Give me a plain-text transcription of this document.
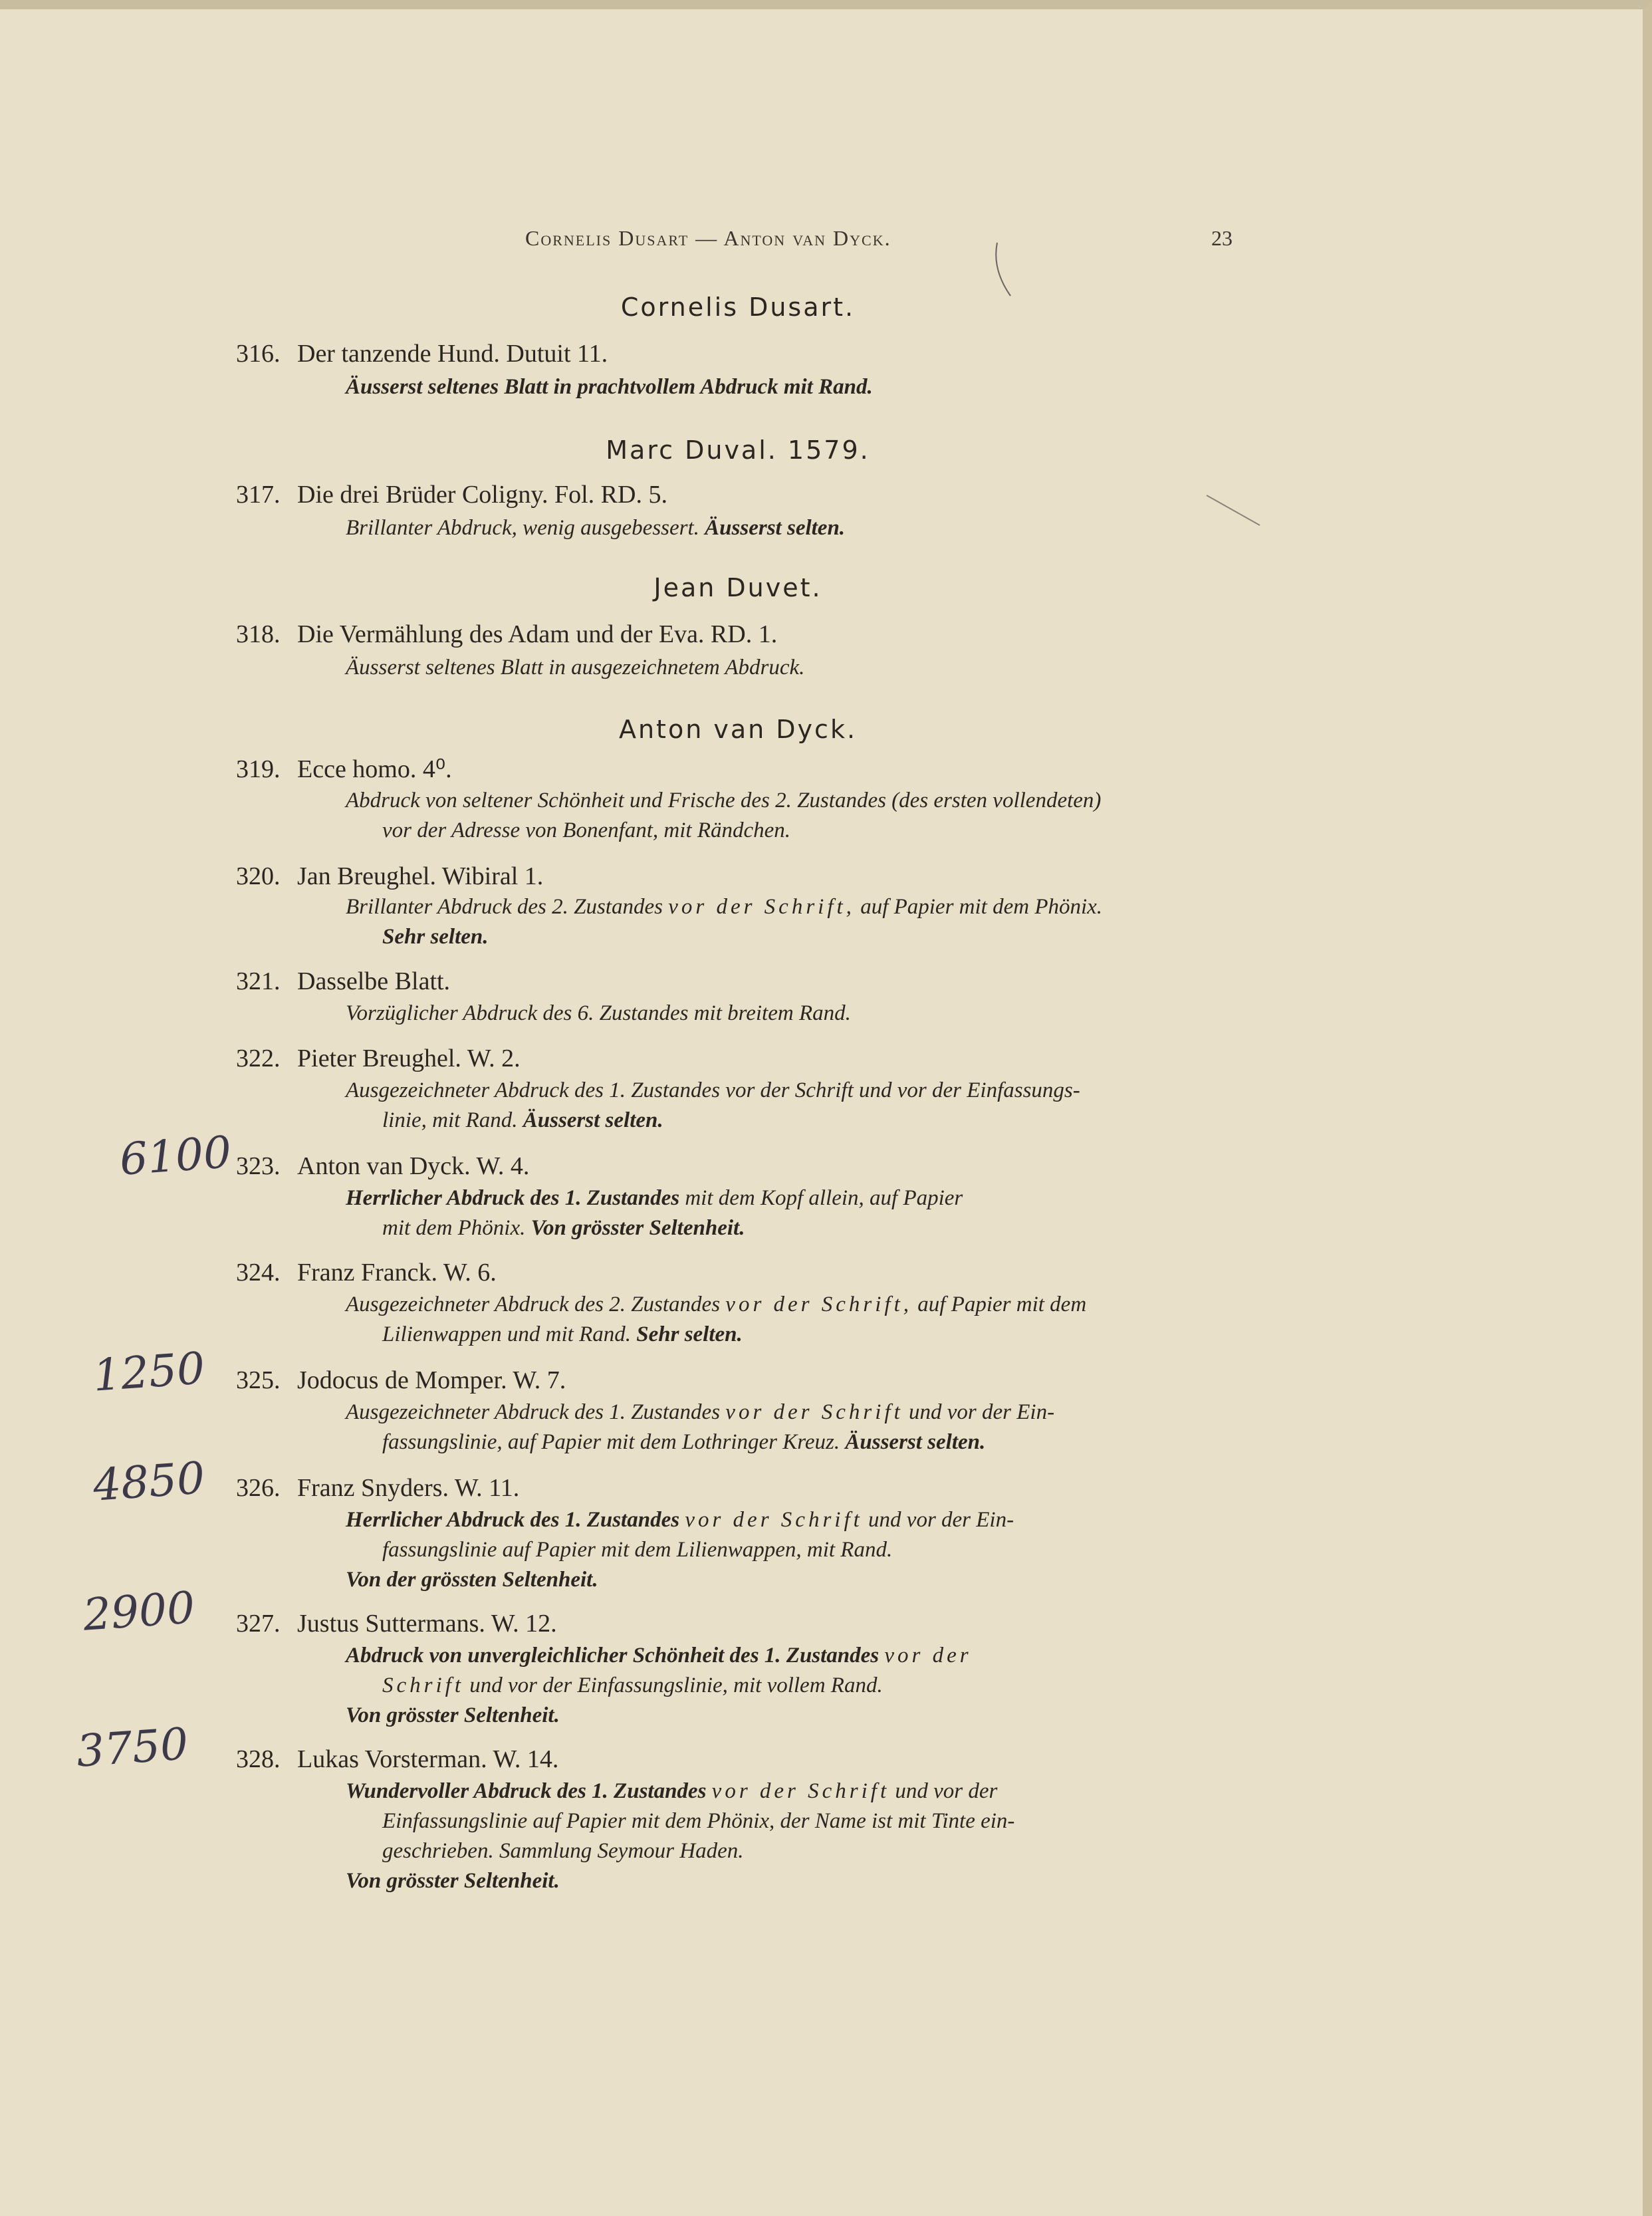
Cornelis Dusart — Anton van Dyck.	23
Cornelis Dusart.
316. Der tanzende Hund. Dutuit 11.
Äusserst seltenes Blatt in prachtvollem Abdruck mit Rand.
Marc Duval. 1579.
317. Die drei Brüder Coligny. Fol. RD. 5.
Brillanter Abdruck, wenig ausgebessert. Äusserst selten.
Jean Duvet.
318. Die Vermählung des Adam und der Eva. RD. 1.
Äusserst seltenes Blatt in ausgezeichnetem Abdruck.
Anton van Dyck.
319. Ecce homo. 4⁰.
Abdruck von seltener Schönheit und Frische des 2. Zustandes (des ersten vollendeten)
vor der Adresse von Bonenfant, mit Rändchen.
320. Jan Breughel. Wibiral 1.
Brillanter Abdruck des 2. Zustandes vor der Schrift, auf Papier mit dem Phönix.
Sehr selten.
321. Dasselbe Blatt.
Vorzüglicher Abdruck des 6. Zustandes mit breitem Rand.
322. Pieter Breughel. W. 2.
Ausgezeichneter Abdruck des 1. Zustandes vor der Schrift und vor der Einfassungs-
linie, mit Rand. Äusserst selten.
6100 323. Anton van Dyck. W. 4.
Herrlicher Abdruck des 1. Zustandes mit dem Kopf allein, auf Papier
mit dem Phönix. Von grösster Seltenheit.
324. Franz Franck. W. 6.
Ausgezeichneter Abdruck des 2. Zustandes vor der Schrift, auf Papier mit dem
Lilienwappen und mit Rand. Sehr selten.
1250 325. Jodocus de Momper. W. 7.
Ausgezeichneter Abdruck des 1. Zustandes vor der Schrift und vor der Ein-
fassungslinie, auf Papier mit dem Lothringer Kreuz. Äusserst selten.
4850 326. Franz Snyders. W. 11.
Herrlicher Abdruck des 1. Zustandes vor der Schrift und vor der Ein-
fassungslinie auf Papier mit dem Lilienwappen, mit Rand.
Von der grössten Seltenheit.
2900 327. Justus Suttermans. W. 12.
Abdruck von unvergleichlicher Schönheit des 1. Zustandes vor der
Schrift und vor der Einfassungslinie, mit vollem Rand.
Von grösster Seltenheit.
3750 328. Lukas Vorsterman. W. 14.
Wundervoller Abdruck des 1. Zustandes vor der Schrift und vor der
Einfassungslinie auf Papier mit dem Phönix, der Name ist mit Tinte ein-
geschrieben. Sammlung Seymour Haden.
Von grösster Seltenheit.
